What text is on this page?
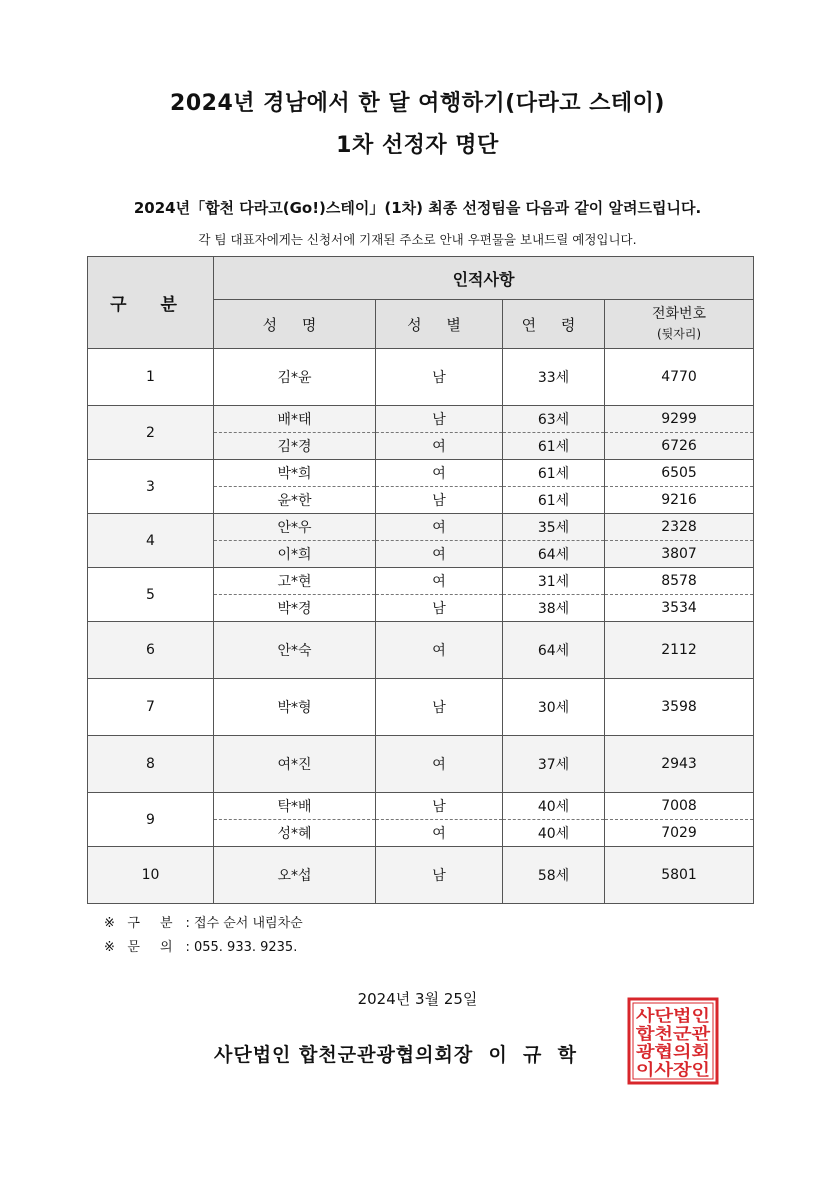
2024년 경남에서 한 달 여행하기(다라고 스테이)
1차 선정자 명단
2024년「합천 다라고(Go!)스테이」(1차) 최종 선정팀을 다음과 같이 알려드립니다.
각 팀 대표자에게는 신청서에 기재된 주소로 안내 우편물을 보내드릴 예정입니다.
구 분	인적사항			
	성 명	성 별	연 령	전화번호
(뒷자리)

1	김*윤	남	33세	4770
2	배*태	남	63세	9299
	김*경	여	61세	6726
3	박*희	여	61세	6505
	윤*한	남	61세	9216
4	안*우	여	35세	2328
	이*희	여	64세	3807
5	고*현	여	31세	8578
	박*경	남	38세	3534
6	안*숙	여	64세	2112
7	박*형	남	30세	3598
8	여*진	여	37세	2943
9	탁*배	남	40세	7008
	성*혜	여	40세	7029
10	오*섭	남	58세	5801
※ 구 분 : 접수 순서 내림차순
※ 문 의 : 055. 933. 9235.
2024년 3월 25일
사단법인 합천군관광협의회장  이  규  학
사단법인
합천군관
광협의회
이사장인
